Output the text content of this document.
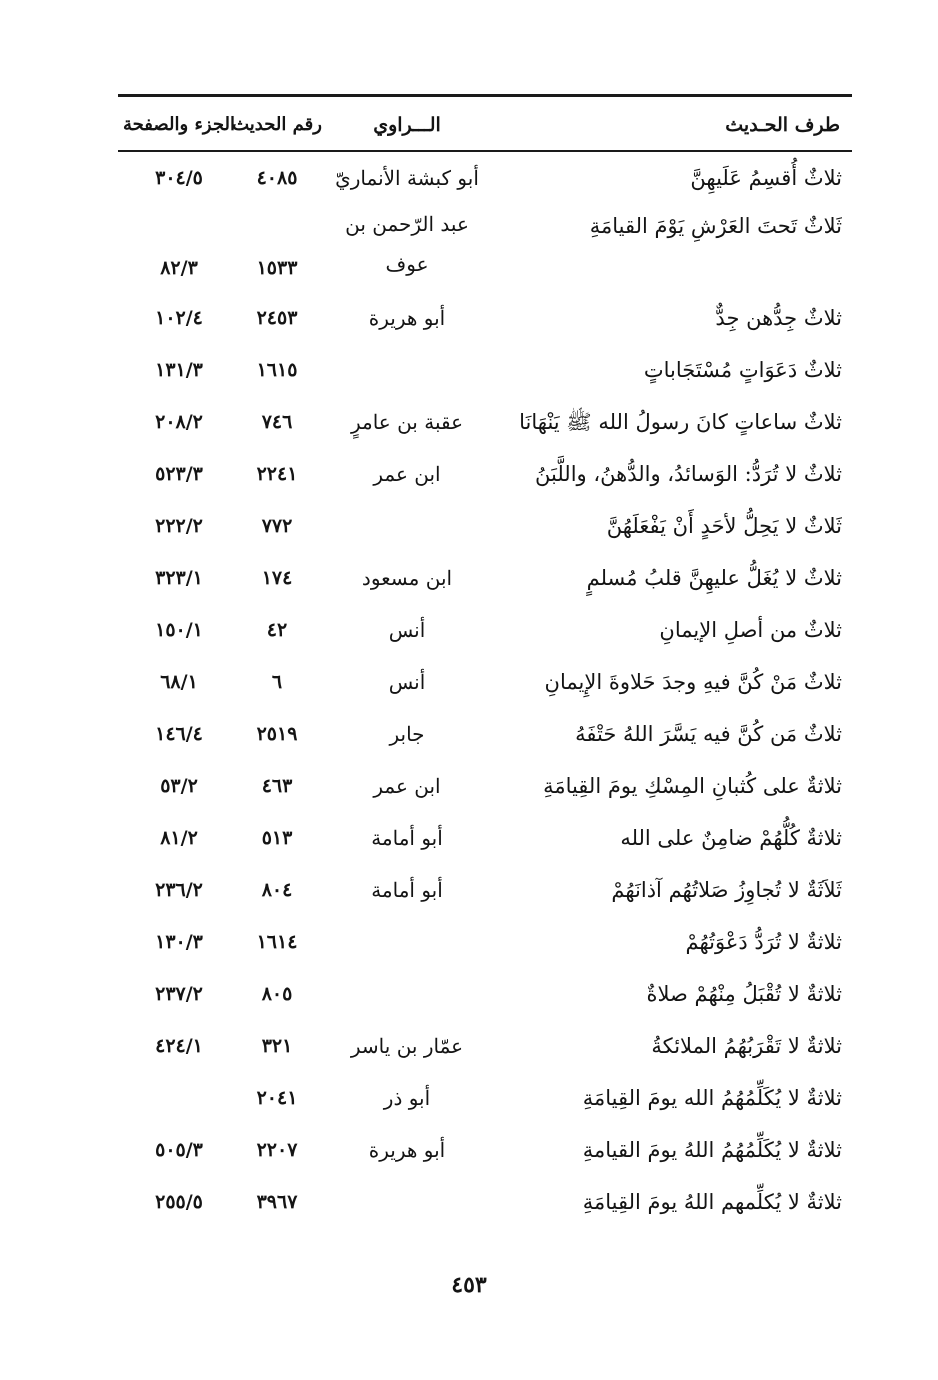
طرف الحـديث
الـــراوي
رقم الحديث
الجزء والصفحة
ثلاثٌ أُقسِمُ عَلَيهِنَّ
أبو كبشة الأنماريّ
٤٠٨٥
٣٠٤/٥
ثَلاثٌ تَحتَ العَرْشِ يَوْمَ القيامَةِ
عبد الرّحمن بن عوف
١٥٣٣
٨٢/٣
ثلاثٌ جِدُّهن جِدٌّ
أبو هريرة
٢٤٥٣
١٠٢/٤
ثلاثٌ دَعَوَاتٍ مُسْتَجَاباتٍ
١٦١٥
١٣١/٣
ثلاثٌ ساعاتٍ كانَ رسولُ الله ﷺ يَنْهَانَا
عقبة بن عامرٍ
٧٤٦
٢٠٨/٢
ثلاثٌ لا تُرَدُّ: الوَسائدُ، والدُّهنُ، واللَّبَنُ
ابن عمر
٢٢٤١
٥٢٣/٣
ثَلاثٌ لا يَحِلُّ لأحَدٍ أَنْ يَفْعَلَهُنَّ
٧٧٢
٢٢٢/٢
ثلاثٌ لا يُغَلُّ عليهِنَّ قلبُ مُسلمٍ
ابن مسعود
١٧٤
٣٢٣/١
ثلاثٌ من أصلِ الإيمانِ
أنس
٤٢
١٥٠/١
ثلاثٌ مَنْ كُنَّ فيهِ وجدَ حَلاوةَ الإِيمانِ
أنس
٦
٦٨/١
ثلاثٌ مَن كُنَّ فيه يَسَّرَ اللهُ حَتْفَهُ
جابر
٢٥١٩
١٤٦/٤
ثلاثةٌ على كُثبانِ المِسْكِ يومَ القِيامَةِ
ابن عمر
٤٦٣
٥٣/٢
ثلاثةٌ كُلُّهُمْ ضامِنٌ على الله
أبو أمامة
٥١٣
٨١/٢
ثَلاَثَةٌ لا تُجاوِزُ صَلاتُهُم آذانَهُمْ
أبو أمامة
٨٠٤
٢٣٦/٢
ثلاثةٌ لا تُرَدُّ دَعْوَتُهُمْ
١٦١٤
١٣٠/٣
ثلاثةٌ لا تُقْبَلُ مِنْهُمْ صلاةٌ
٨٠٥
٢٣٧/٢
ثلاثةٌ لا تَقْرَبُهُمُ الملائكةُ
عمّار بن ياسر
٣٢١
٤٢٤/١
ثلاثةٌ لا يُكَلِّمُهُمُ الله يومَ القِيامَةِ
أبو ذر
٢٠٤١
ثلاثةٌ لا يُكَلِّمُهُمُ اللهُ يومَ القيامةِ
أبو هريرة
٢٢٠٧
٥٠٥/٣
ثلاثةٌ لا يُكلِّمهم اللهُ يومَ القِيامَةِ
٣٩٦٧
٢٥٥/٥
٤٥٣
